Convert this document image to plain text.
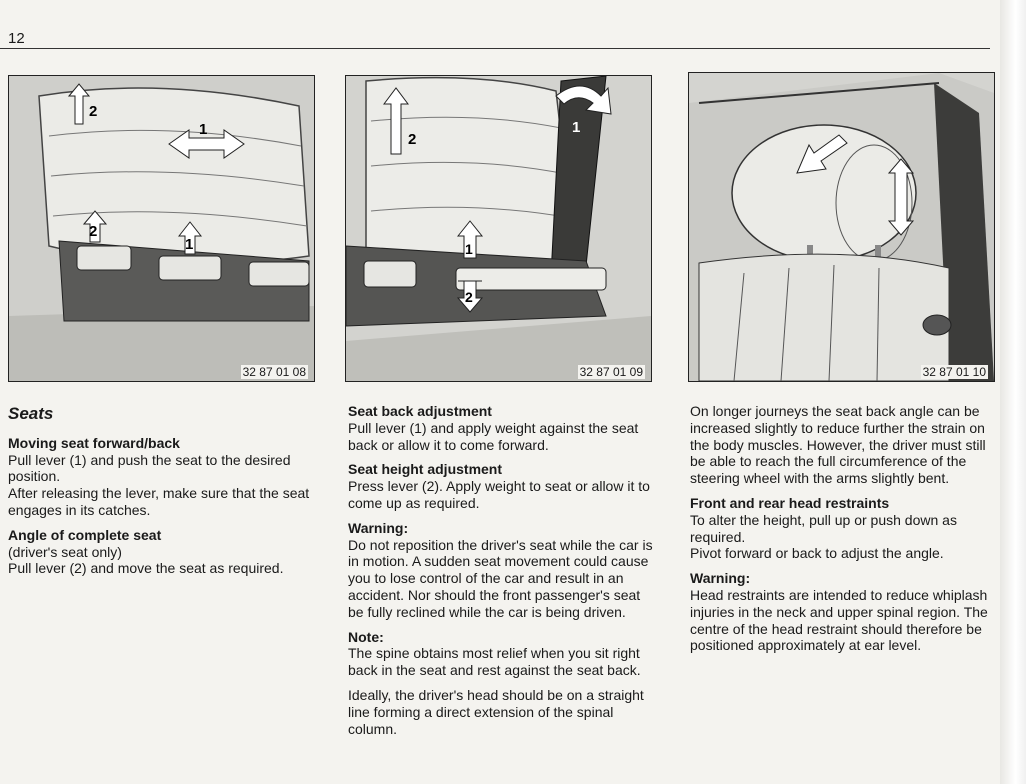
12
2
1
2
1
32 87 01 08
2
1
1
2
32 87 01 09	32 87 01 10
Seats
Moving seat forward/back

Pull lever (1) and push the seat to the desired position.

After releasing the lever, make sure that the seat engages in its catches.

Angle of complete seat

(driver's seat only)

Pull lever (2) and move the seat as required.

Seat back adjustment

Pull lever (1) and apply weight against the seat back or allow it to come forward.

Seat height adjustment

Press lever (2). Apply weight to seat or allow it to come up as required.

Warning:

Do not reposition the driver's seat while the car is in motion. A sudden seat movement could cause you to lose control of the car and result in an accident. Nor should the front passenger's seat be fully reclined while the car is being driven.

Note:

The spine obtains most relief when you sit right back in the seat and rest against the seat back.

Ideally, the driver's head should be on a straight line forming a direct extension of the spinal column.

On longer journeys the seat back angle can be increased slightly to reduce further the strain on the body muscles. However, the driver must still be able to reach the full circumference of the steering wheel with the arms slightly bent.

Front and rear head restraints

To alter the height, pull up or push down as required.

Pivot forward or back to adjust the angle.

Warning:

Head restraints are intended to reduce whiplash injuries in the neck and upper spinal region. The centre of the head restraint should therefore be positioned approximately at ear level.
